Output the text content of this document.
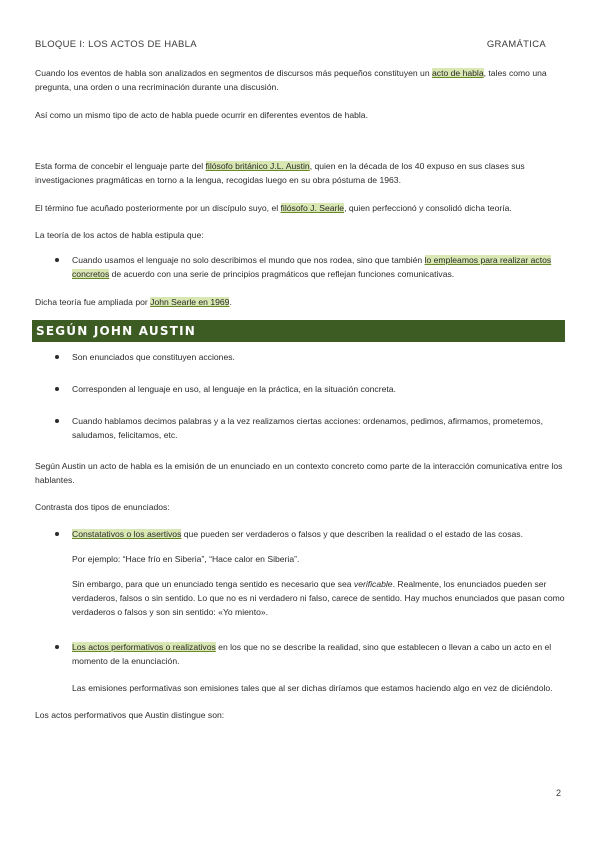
BLOQUE I: LOS ACTOS DE HABLA	GRAMÁTICA

Cuando los eventos de habla son analizados en segmentos de discursos más pequeños constituyen un acto de habla, tales como una pregunta, una orden o una recriminación durante una discusión.

Así como un mismo tipo de acto de habla puede ocurrir en diferentes eventos de habla.

Esta forma de concebir el lenguaje parte del filósofo británico J.L. Austin, quien en la década de los 40 expuso en sus clases sus investigaciones pragmáticas en torno a la lengua, recogidas luego en su obra póstuma de 1963.

El término fue acuñado posteriormente por un discípulo suyo, el filósofo J. Searle, quien perfeccionó y consolidó dicha teoría.

La teoría de los actos de habla estipula que:

Cuando usamos el lenguaje no solo describimos el mundo que nos rodea, sino que también lo empleamos para realizar actos concretos de acuerdo con una serie de principios pragmáticos que reflejan funciones comunicativas.

Dicha teoría fue ampliada por John Searle en 1969.

SEGÚN JOHN AUSTIN
Son enunciados que constituyen acciones.
Corresponden al lenguaje en uso, al lenguaje en la práctica, en la situación concreta.
Cuando hablamos decimos palabras y a la vez realizamos ciertas acciones: ordenamos, pedimos, afirmamos, prometemos, saludamos, felicitamos, etc.

Según Austin un acto de habla es la emisión de un enunciado en un contexto concreto como parte de la interacción comunicativa entre los hablantes.

Contrasta dos tipos de enunciados:

Constatativos o los asertivos que pueden ser verdaderos o falsos y que describen la realidad o el estado de las cosas.

Por ejemplo: “Hace frío en Siberia”, “Hace calor en Siberia”.

Sin embargo, para que un enunciado tenga sentido es necesario que sea verificable. Realmente, los enunciados pueden ser verdaderos, falsos o sin sentido. Lo que no es ni verdadero ni falso, carece de sentido. Hay muchos enunciados que pasan como verdaderos o falsos y son sin sentido: «Yo miento».

Los actos performativos o realizativos en los que no se describe la realidad, sino que establecen o llevan a cabo un acto en el momento de la enunciación.

Las emisiones performativas son emisiones tales que al ser dichas diríamos que estamos haciendo algo en vez de diciéndolo.

Los actos performativos que Austin distingue son:

2
